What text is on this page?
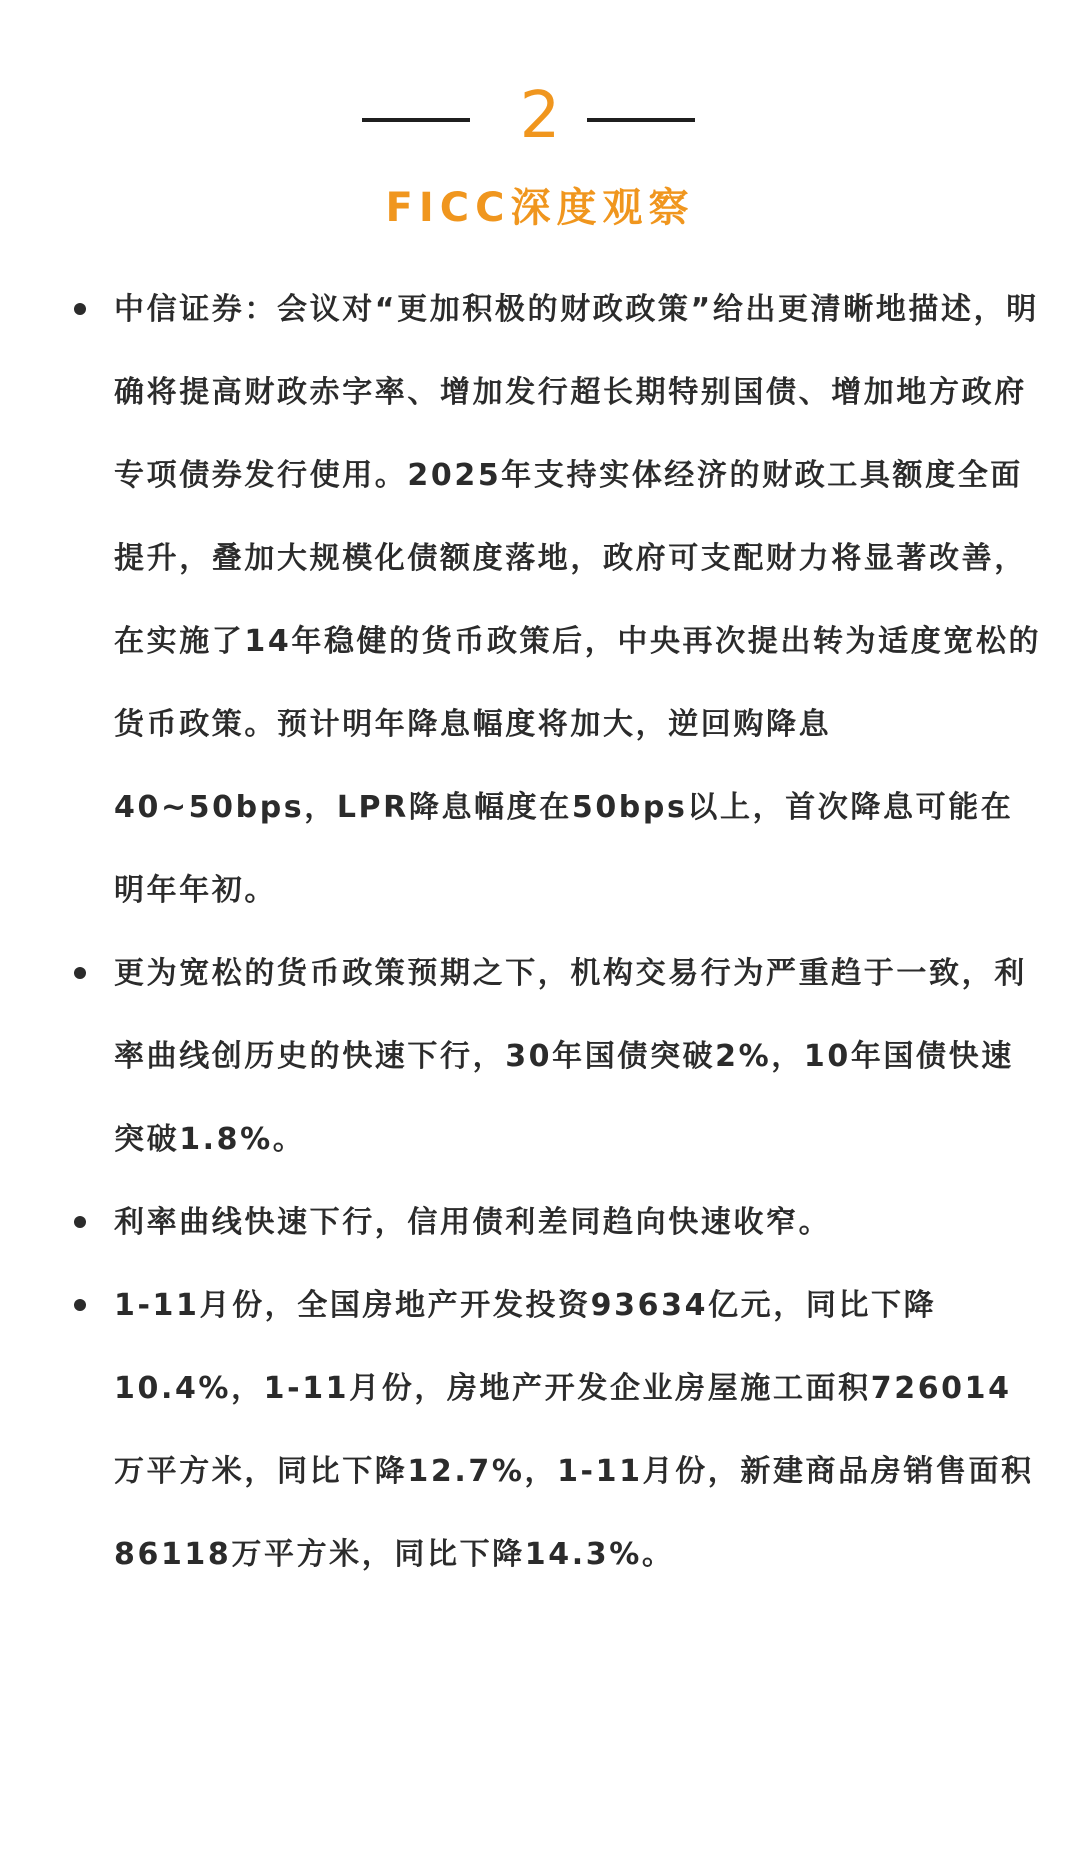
2
FICC深度观察
中信证券：会议对“更加积极的财政政策”给出更清晰地描述，明确将提高财政赤字率、增加发行超长期特别国债、增加地方政府专项债券发行使用。2025年支持实体经济的财政工具额度全面提升，叠加大规模化债额度落地，政府可支配财力将显著改善，在实施了14年稳健的货币政策后，中央再次提出转为适度宽松的货币政策。预计明年降息幅度将加大，逆回购降息40~50bps，LPR降息幅度在50bps以上，首次降息可能在明年年初。
更为宽松的货币政策预期之下，机构交易行为严重趋于一致，利率曲线创历史的快速下行，30年国债突破2%，10年国债快速突破1.8%。
利率曲线快速下行，信用债利差同趋向快速收窄。
1-11月份，全国房地产开发投资93634亿元，同比下降10.4%，1-11月份，房地产开发企业房屋施工面积726014万平方米，同比下降12.7%，1-11月份，新建商品房销售面积86118万平方米，同比下降14.3%。
